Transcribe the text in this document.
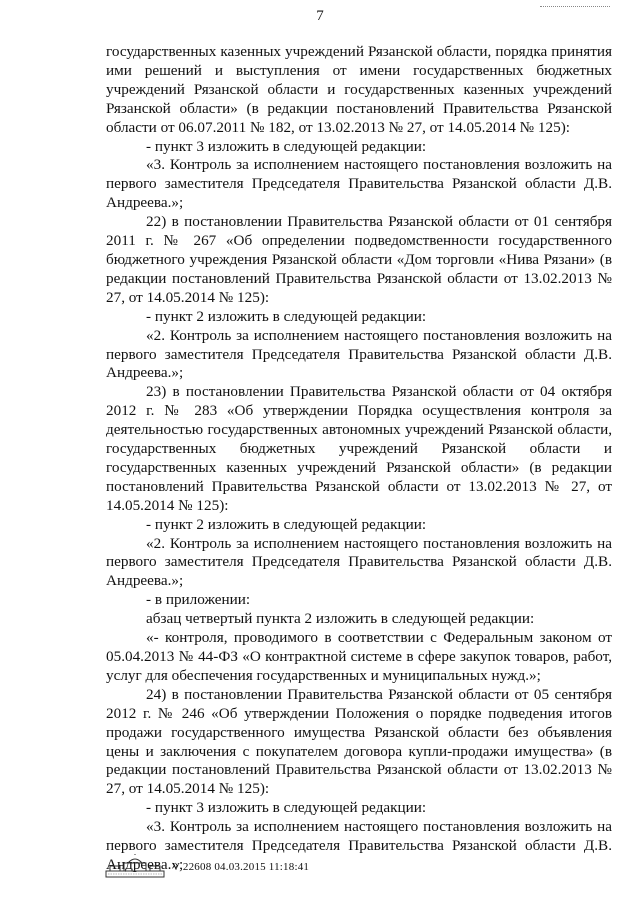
7

государственных казенных учреждений Рязанской области, порядка принятия ими решений и выступления от имени государственных бюджетных учреждений Рязанской области и государственных казенных учреждений Рязанской области» (в редакции постановлений Правительства Рязанской области от 06.07.2011 № 182, от 13.02.2013 № 27, от 14.05.2014 № 125):

- пункт 3 изложить в следующей редакции:

«3. Контроль за исполнением настоящего постановления возложить на первого заместителя Председателя Правительства Рязанской области Д.В. Андреева.»;

22) в постановлении Правительства Рязанской области от 01 сентября 2011 г. № 267 «Об определении подведомственности государственного бюджетного учреждения Рязанской области «Дом торговли «Нива Рязани» (в редакции постановлений Правительства Рязанской области от 13.02.2013 № 27, от 14.05.2014 № 125):

- пункт 2 изложить в следующей редакции:

«2. Контроль за исполнением настоящего постановления возложить на первого заместителя Председателя Правительства Рязанской области Д.В. Андреева.»;

23) в постановлении Правительства Рязанской области от 04 октября 2012 г. № 283 «Об утверждении Порядка осуществления контроля за деятельностью государственных автономных учреждений Рязанской области, государственных бюджетных учреждений Рязанской области и государственных казенных учреждений Рязанской области» (в редакции постановлений Правительства Рязанской области от 13.02.2013 № 27, от 14.05.2014 № 125):

- пункт 2 изложить в следующей редакции:

«2. Контроль за исполнением настоящего постановления возложить на первого заместителя Председателя Правительства Рязанской области Д.В. Андреева.»;

- в приложении:

абзац четвертый пункта 2 изложить в следующей редакции:

«- контроля, проводимого в соответствии с Федеральным законом от 05.04.2013 № 44-ФЗ «О контрактной системе в сфере закупок товаров, работ, услуг для обеспечения государственных и муниципальных нужд.»;

24) в постановлении Правительства Рязанской области от 05 сентября 2012 г. № 246 «Об утверждении Положения о порядке подведения итогов продажи государственного имущества Рязанской области без объявления цены и заключения с покупателем договора купли-продажи имущества» (в редакции постановлений Правительства Рязанской области от 13.02.2013 № 27, от 14.05.2014 № 125):

- пункт 3 изложить в следующей редакции:

«3. Контроль за исполнением настоящего постановления возложить на первого заместителя Председателя Правительства Рязанской области Д.В. Андреева.»;

V 22608 04.03.2015 11:18:41
